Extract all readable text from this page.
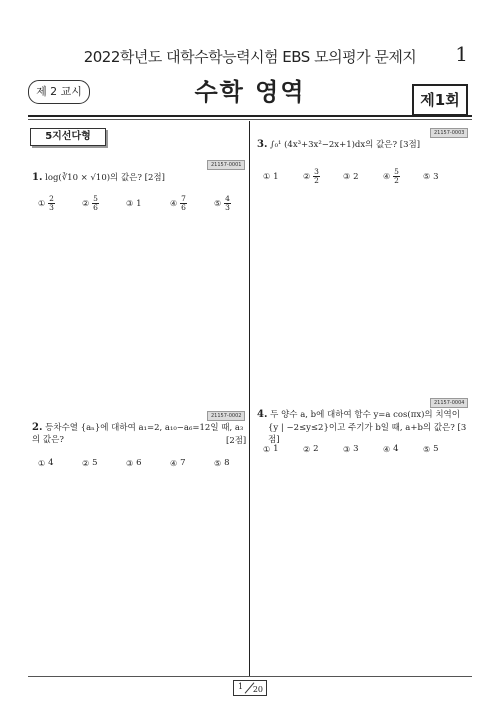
2022학년도 대학수학능력시험 EBS 모의평가 문제지	1
제 2 교시	수학 영역	제1회
5지선다형
21157-0001
1. log(∛10 × √10)의 값은? [2점]
① $\frac{2}{3}$	② $\frac{5}{6}$	③ 1	④ $\frac{7}{6}$	⑤ $\frac{4}{3}$
21157-0002
2. 등차수열 {aₙ}에 대하여 a₁=2, a₁₀−a₆=12일 때, a₃의 값은?	[2점]
① 4	② 5	③ 6	④ 7	⑤ 8
21157-0003
3. ∫₀¹ (4x³+3x²−2x+1)dx의 값은? [3점]
① 1	② $\frac{3}{2}$	③ 2	④ $\frac{5}{2}$	⑤ 3
21157-0004
4. 두 양수 a, b에 대하여 함수 y=a cos(πx)의 치역이
{y | −2≤y≤2}이고 주기가 b일 때, a+b의 값은? [3점]
① 1	② 2	③ 3	④ 4	⑤ 5
1 20
